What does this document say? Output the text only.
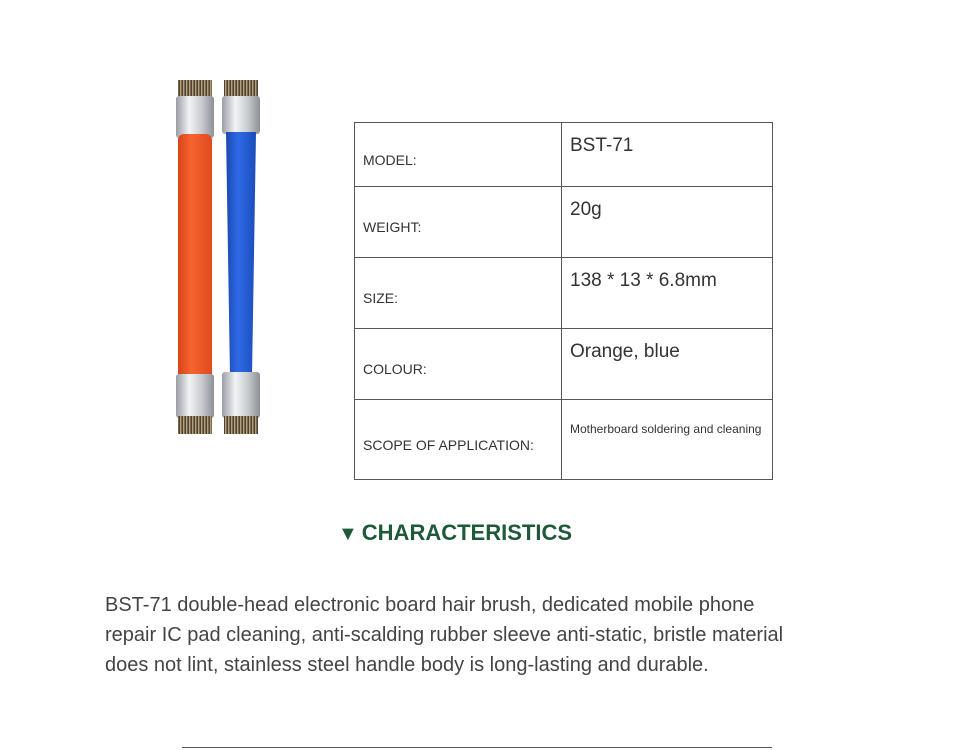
MODEL:	BST-71
WEIGHT:	20g
SIZE:	138 * 13 * 6.8mm
COLOUR:	Orange, blue
SCOPE OF APPLICATION:	Motherboard soldering and cleaning
▼ CHARACTERISTICS

BST-71 double-head electronic board hair brush, dedicated mobile phone repair IC pad cleaning, anti-scalding rubber sleeve anti-static, bristle material does not lint, stainless steel handle body is long-lasting and durable.
